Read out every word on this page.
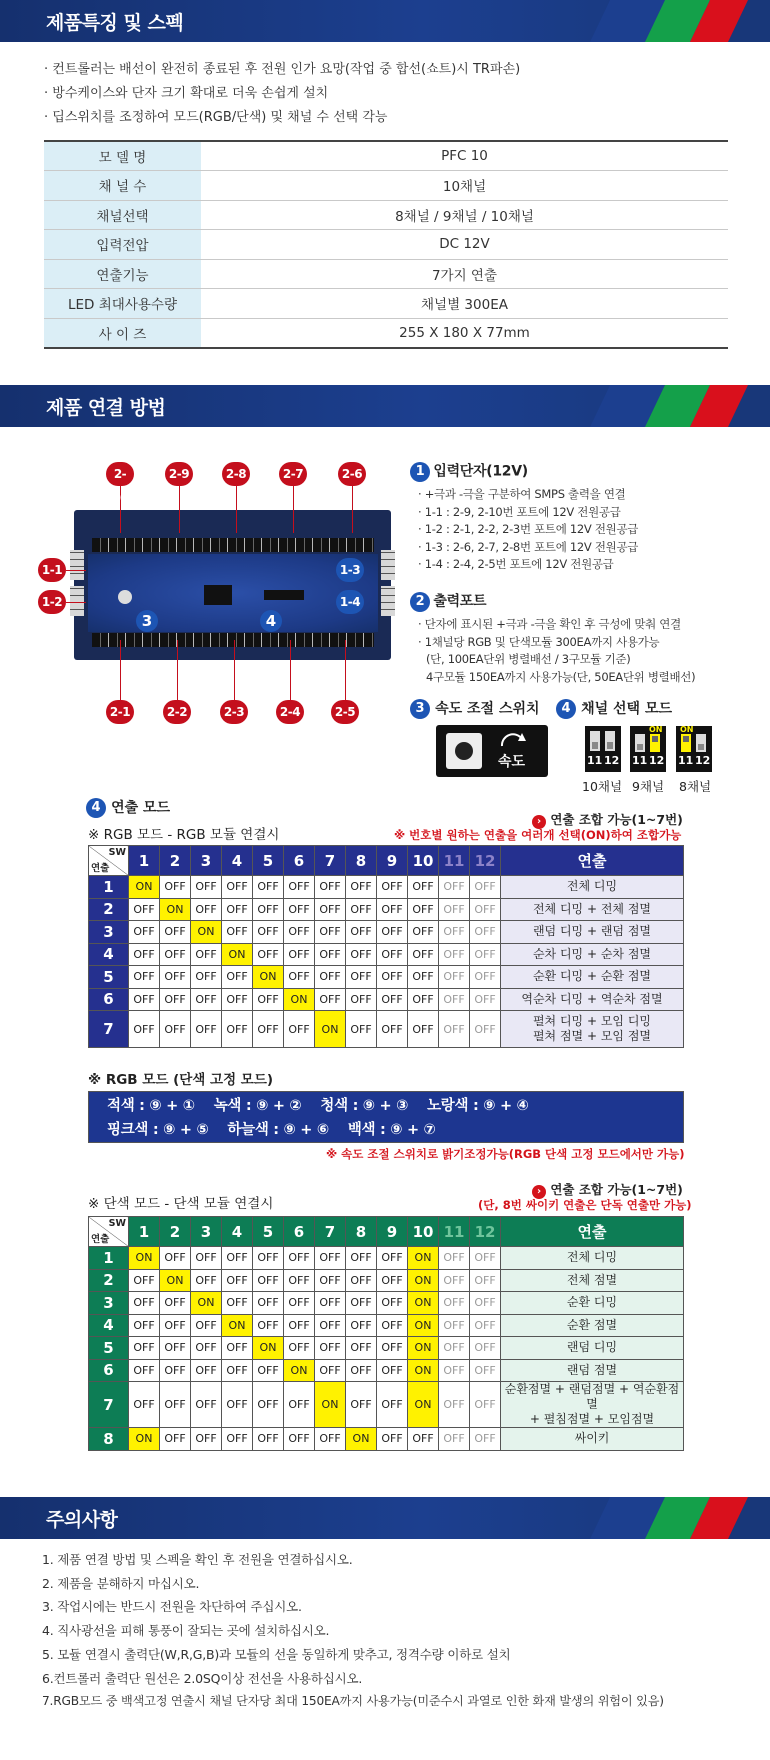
제품특징 및 스펙
· 컨트롤러는 배선이 완전히 종료된 후 전원 인가 요망(작업 중 합선(쇼트)시 TR파손)
· 방수케이스와 단자 크기 확대로 더욱 손쉽게 설치
· 딥스위치를 조정하여 모드(RGB/단색) 및 채널 수 선택 각능
모 델 명	PFC 10
채 널 수	10채널
채널선택	8채널 / 9채널 / 10채널
입력전압	DC 12V
연출기능	7가지 연출
LED 최대사용수량	채널별 300EA
사 이 즈	255 X 180 X 77mm
제품 연결 방법
3	4
2-10
2-9	2-8	2-7	2-6
2-1	2-2	2-3	2-4	2-5
1-1
1-2
1-3
1-4
1 입력단자(12V)
· +극과 -극을 구분하여 SMPS 출력을 연결
· 1-1 : 2-9, 2-10번 포트에 12V 전원공급
· 1-2 : 2-1, 2-2, 2-3번 포트에 12V 전원공급
· 1-3 : 2-6, 2-7, 2-8번 포트에 12V 전원공급
· 1-4 : 2-4, 2-5번 포트에 12V 전원공급
2 출력포트
· 단자에 표시된 +극과 -극을 확인 후 극성에 맞춰 연결
· 1채널당 RGB 및 단색모듈 300EA까지 사용가능
(단, 100EA단위 병렬배선 / 3구모듈 기준)
4구모듈 150EA까지 사용가능(단, 50EA단위 병렬배선)
3 속도 조절 스위치
속도
4 채널 선택 모드
11 12
ON
11 12
ON
11 12
10채널 9채널 8채널
4 연출 모드
※ RGB 모드 - RGB 모듈 연결시
› 연출 조합 가능(1~7번)
※ 번호별 원하는 연출을 여러개 선택(ON)하여 조합가능
SW
연출	1	2	3	4	5	6	7	8	9	10	11	12	연출
1	ON	OFF	OFF	OFF	OFF	OFF	OFF	OFF	OFF	OFF	OFF	OFF	전체 디밍

2	OFF	ON	OFF	OFF	OFF	OFF	OFF	OFF	OFF	OFF	OFF	OFF	전체 디밍 + 전체 점멸

3	OFF	OFF	ON	OFF	OFF	OFF	OFF	OFF	OFF	OFF	OFF	OFF	랜덤 디밍 + 랜덤 점멸

4	OFF	OFF	OFF	ON	OFF	OFF	OFF	OFF	OFF	OFF	OFF	OFF	순차 디밍 + 순차 점멸

5	OFF	OFF	OFF	OFF	ON	OFF	OFF	OFF	OFF	OFF	OFF	OFF	순환 디밍 + 순환 점멸

6	OFF	OFF	OFF	OFF	OFF	ON	OFF	OFF	OFF	OFF	OFF	OFF	역순차 디밍 + 역순차 점멸

7	OFF	OFF	OFF	OFF	OFF	OFF	ON	OFF	OFF	OFF	OFF	OFF	펼쳐 디밍 + 모임 디밍
펼쳐 점멸 + 모임 점멸
※ RGB 모드 (단색 고정 모드)
적색 : ⑨ + ①    녹색 : ⑨ + ②    청색 : ⑨ + ③    노랑색 : ⑨ + ④
핑크색 : ⑨ + ⑤    하늘색 : ⑨ + ⑥    백색 : ⑨ + ⑦
※ 속도 조절 스위치로 밝기조정가능(RGB 단색 고정 모드에서만 가능)
› 연출 조합 가능(1~7번)
(단, 8번 싸이키 연출은 단독 연출만 가능)
※ 단색 모드 - 단색 모듈 연결시
SW
연출	1	2	3	4	5	6	7	8	9	10	11	12	연출
1	ON	OFF	OFF	OFF	OFF	OFF	OFF	OFF	OFF	ON	OFF	OFF	전체 디밍

2	OFF	ON	OFF	OFF	OFF	OFF	OFF	OFF	OFF	ON	OFF	OFF	전체 점멸

3	OFF	OFF	ON	OFF	OFF	OFF	OFF	OFF	OFF	ON	OFF	OFF	순환 디밍

4	OFF	OFF	OFF	ON	OFF	OFF	OFF	OFF	OFF	ON	OFF	OFF	순환 점멸

5	OFF	OFF	OFF	OFF	ON	OFF	OFF	OFF	OFF	ON	OFF	OFF	랜덤 디밍

6	OFF	OFF	OFF	OFF	OFF	ON	OFF	OFF	OFF	ON	OFF	OFF	랜덤 점멸

7	OFF	OFF	OFF	OFF	OFF	OFF	ON	OFF	OFF	ON	OFF	OFF	순환점멸 + 랜덤점멸 + 역순환점멸
+ 펼침점멸 + 모임점멸

8	ON	OFF	OFF	OFF	OFF	OFF	OFF	ON	OFF	OFF	OFF	OFF	싸이키
주의사항
1. 제품 연결 방법 및 스펙을 확인 후 전원을 연결하십시오.
2. 제품을 분해하지 마십시오.
3. 작업시에는 반드시 전원을 차단하여 주십시오.
4. 직사광선을 피해 통풍이 잘되는 곳에 설치하십시오.
5. 모듈 연결시 출력단(W,R,G,B)과 모듈의 선을 동일하게 맞추고, 정격수량 이하로 설치
6.컨트롤러 출력단 원선은 2.0SQ이상 전선을 사용하십시오.
7.RGB모드 중 백색고정 연출시 채널 단자당 최대 150EA까지 사용가능(미준수시 과열로 인한 화재 발생의 위험이 있음)
